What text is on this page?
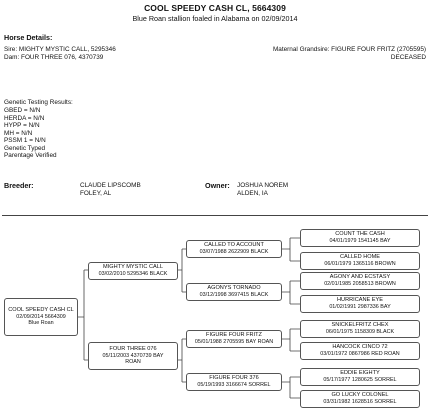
COOL SPEEDY CASH CL, 5664309
Blue Roan stallion foaled in Alabama on 02/09/2014
Horse Details:
Sire: MIGHTY MYSTIC CALL, 5295346
Dam: FOUR THREE 076, 4370739
Maternal Grandsire: FIGURE FOUR FRITZ (2705595)
DECEASED
Genetic Testing Results:
GBED = N/N
HERDA = N/N
HYPP = N/N
MH = N/N
PSSM 1 = N/N
Genetic Typed
Parentage Verified
Breeder:	CLAUDE LIPSCOMB
FOLEY, AL
Owner: JOSHUA NOREM
ALDEN, IA
COOL SPEEDY CASH CL
02/09/2014 5664309
Blue Roan
MIGHTY MYSTIC CALL
03/02/2010 5295346 BLACK
FOUR THREE 076
05/11/2003 4370739 BAY
ROAN
CALLED TO ACCOUNT
03/07/1988 2622909 BLACK
AGONYS TORNADO
03/12/1998 3697415 BLACK
FIGURE FOUR FRITZ
05/01/1988 2705595 BAY ROAN
FIGURE FOUR 376
05/19/1993 3166674 SORREL
COUNT THE CASH
04/01/1979 1541145 BAY
CALLED HOME
06/01/1979 1365116 BROWN
AGONY AND ECSTASY
02/01/1985 2058513 BROWN
HURRICANE EYE
01/02/1991 2987336 BAY
SNICKELFRITZ CHEX
06/01/1975 1158309 BLACK
HANCOCK CINCO 72
03/01/1972 0867986 RED ROAN
EDDIE EIGHTY
05/17/1977 1280625 SORREL
GO LUCKY COLONEL
03/31/1982 1628516 SORREL
